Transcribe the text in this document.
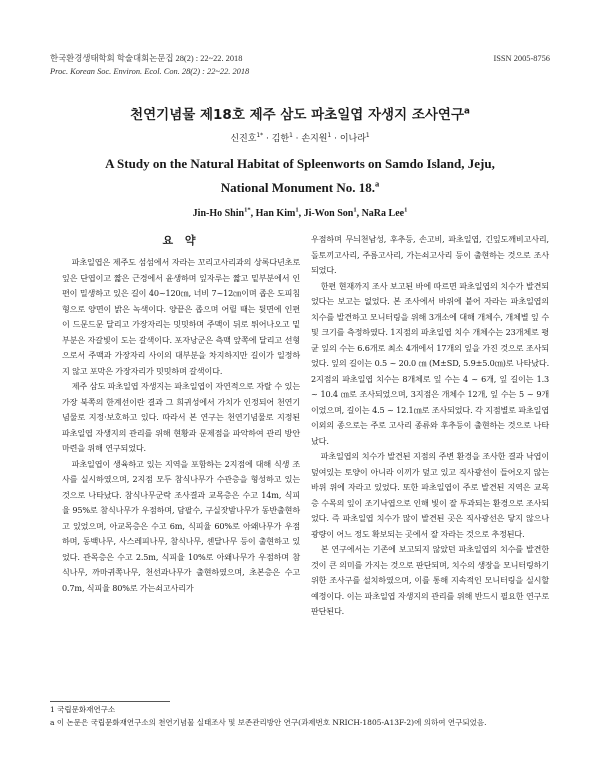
한국환경생태학회 학술대회논문집 28(2) : 22~22. 2018	ISSN 2005-8756
Proc. Korean Soc. Environ. Ecol. Con. 28(2) : 22~22. 2018
천연기념물 제18호 제주 삼도 파초일엽 자생지 조사연구$^a$
신진호$^{1*}$ · 김한$^1$ · 손지원$^1$ · 이나라$^1$
A Study on the Natural Habitat of Spleenworts on Samdo Island, Jeju,
National Monument No. 18.$^a$
Jin-Ho Shin$^{1*}$, Han Kim$^1$, Ji-Won Son$^1$, NaRa Lee$^1$
요 약

파초일엽은 제주도 섬섬에서 자라는 꼬리고사리과의 상록다년초로 잎은 단엽이고 짧은 근경에서 윤생하며 잎자루는 짧고 밑부분에서 인편이 밀생하고 있은 길이 40~120㎝, 너비 7~12㎝이며 좁은 도피침형으로 양면이 밝은 녹색이다. 양끝은 좁으며 어릴 때는 뒷면에 인편이 드문드문 달리고 가장자리는 밋밋하며 주맥이 뒤로 튀어나오고 밑부분은 자갈빛이 도는 갈색이다. 포자낭군은 측맥 앞쪽에 달리고 선형으로서 주맥과 가장자리 사이의 대부분을 차지하지만 길이가 일정하지 않고 포막은 가장자리가 밋밋하며 갈색이다.

제주 삼도 파초일엽 자생지는 파초일엽이 자연적으로 자랄 수 있는 가장 북쪽의 한계선이란 결과 그 희귀성에서 가치가 인정되어 천연기념물로 지정·보호하고 있다. 따라서 본 연구는 천연기념물로 지정된 파초일엽 자생지의 관리를 위해 현황과 문제점을 파악하여 관리 방안 마련을 위해 연구되었다.

파초일엽이 생육하고 있는 지역을 포함하는 2지점에 대해 식생 조사를 실시하였으며, 2지점 모두 참식나무가 수관층을 형성하고 있는 것으로 나타났다. 참식나무군락 조사결과 교목층은 수고 14m, 식피율 95%로 참식나무가 우점하며, 담팔수, 구실잣밤나무가 동반출현하고 있었으며, 아교목층은 수고 6m, 식피율 60%로 아왜나무가 우점하며, 동백나무, 사스레피나무, 참식나무, 센달나무 등이 출현하고 있었다. 관목층은 수고 2.5m, 식피율 10%로 아왜나무가 우점하며 참식나무, 까마귀쪽나무, 천선과나무가 출현하였으며, 초본층은 수고 0.7m, 식피율 80%로 가는쇠고사리가

우점하며 무늬천남성, 후추등, 손고비, 파초일엽, 긴잎도깨비고사리, 돌토끼고사리, 주름고사리, 가는쇠고사리 등이 출현하는 것으로 조사되었다.

한편 현재까지 조사 보고된 바에 따르면 파초일엽의 치수가 발견되었다는 보고는 없었다. 본 조사에서 바위에 붙어 자라는 파초일엽의 치수를 발견하고 모니터링을 위해 3개소에 대해 개체수, 개체별 잎 수 및 크기를 측정하였다. 1지점의 파초일엽 치수 개체수는 23개체로 평균 잎의 수는 6.6개로 최소 4개에서 17개의 잎을 가진 것으로 조사되었다. 잎의 길이는 0.5 ~ 20.0 ㎝ (M±SD, 5.9±5.0㎝)로 나타났다. 2지점의 파초일엽 치수는 8개체로 잎 수는 4 ~ 6개, 잎 길이는 1.3 ~ 10.4 ㎝로 조사되었으며, 3지점은 개체수 12개, 잎 수는 5 ~ 9개 이었으며, 길이는 4.5 ~ 12.1㎝로 조사되었다. 각 지점별로 파초일엽 이외의 종으로는 주로 고사리 종류와 후추등이 출현하는 것으로 나타났다.

파초일엽의 치수가 발견된 지점의 주변 환경을 조사한 결과 낙엽이 덮여있는 토양이 아니라 이끼가 덮고 있고 직사광선이 들어오지 않는 바위 위에 자라고 있었다. 또한 파초일엽이 주로 발견된 지역은 교목층 수목의 잎이 조기낙엽으로 인해 빛이 잘 투과되는 환경으로 조사되었다. 즉 파초일엽 치수가 많이 발견된 곳은 직사광선은 닿지 않으나 광량이 어느 정도 확보되는 곳에서 잘 자라는 것으로 추정된다.

본 연구에서는 기존에 보고되지 않았던 파초일엽의 치수를 발견한 것이 큰 의미를 가지는 것으로 판단되며, 치수의 생장을 모니터링하기 위한 조사구를 설치하였으며, 이를 통해 지속적인 모니터링을 실시할 예정이다. 이는 파초일엽 자생지의 관리를 위해 반드시 필요한 연구로 판단된다.

1 국립문화재연구소
a 이 논문은 국립문화재연구소의 천연기념물 실태조사 및 보존관리방안 연구(과제번호 NRICH-1805-A13F-2)에 의하여 연구되었음.
